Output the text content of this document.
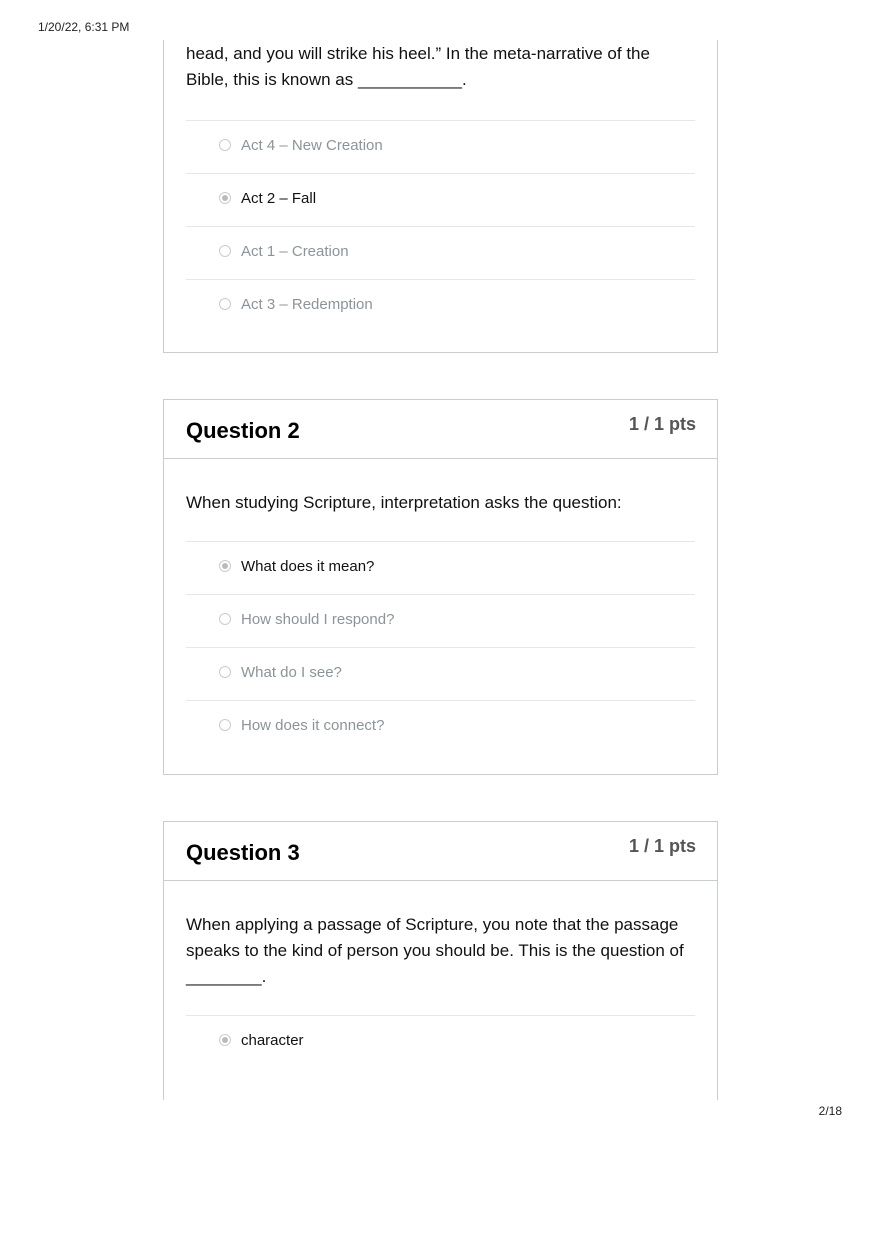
1/20/22, 6:31 PM
head, and you will strike his heel.” In the meta-narrative of the
Bible, this is known as ___________.
Act 4 – New Creation
Act 2 – Fall
Act 1 – Creation
Act 3 – Redemption
Question 2	1 / 1 pts
When studying Scripture, interpretation asks the question:
What does it mean?
How should I respond?
What do I see?
How does it connect?
Question 3	1 / 1 pts
When applying a passage of Scripture, you note that the passage
speaks to the kind of person you should be. This is the question of
________.
character
2/18
